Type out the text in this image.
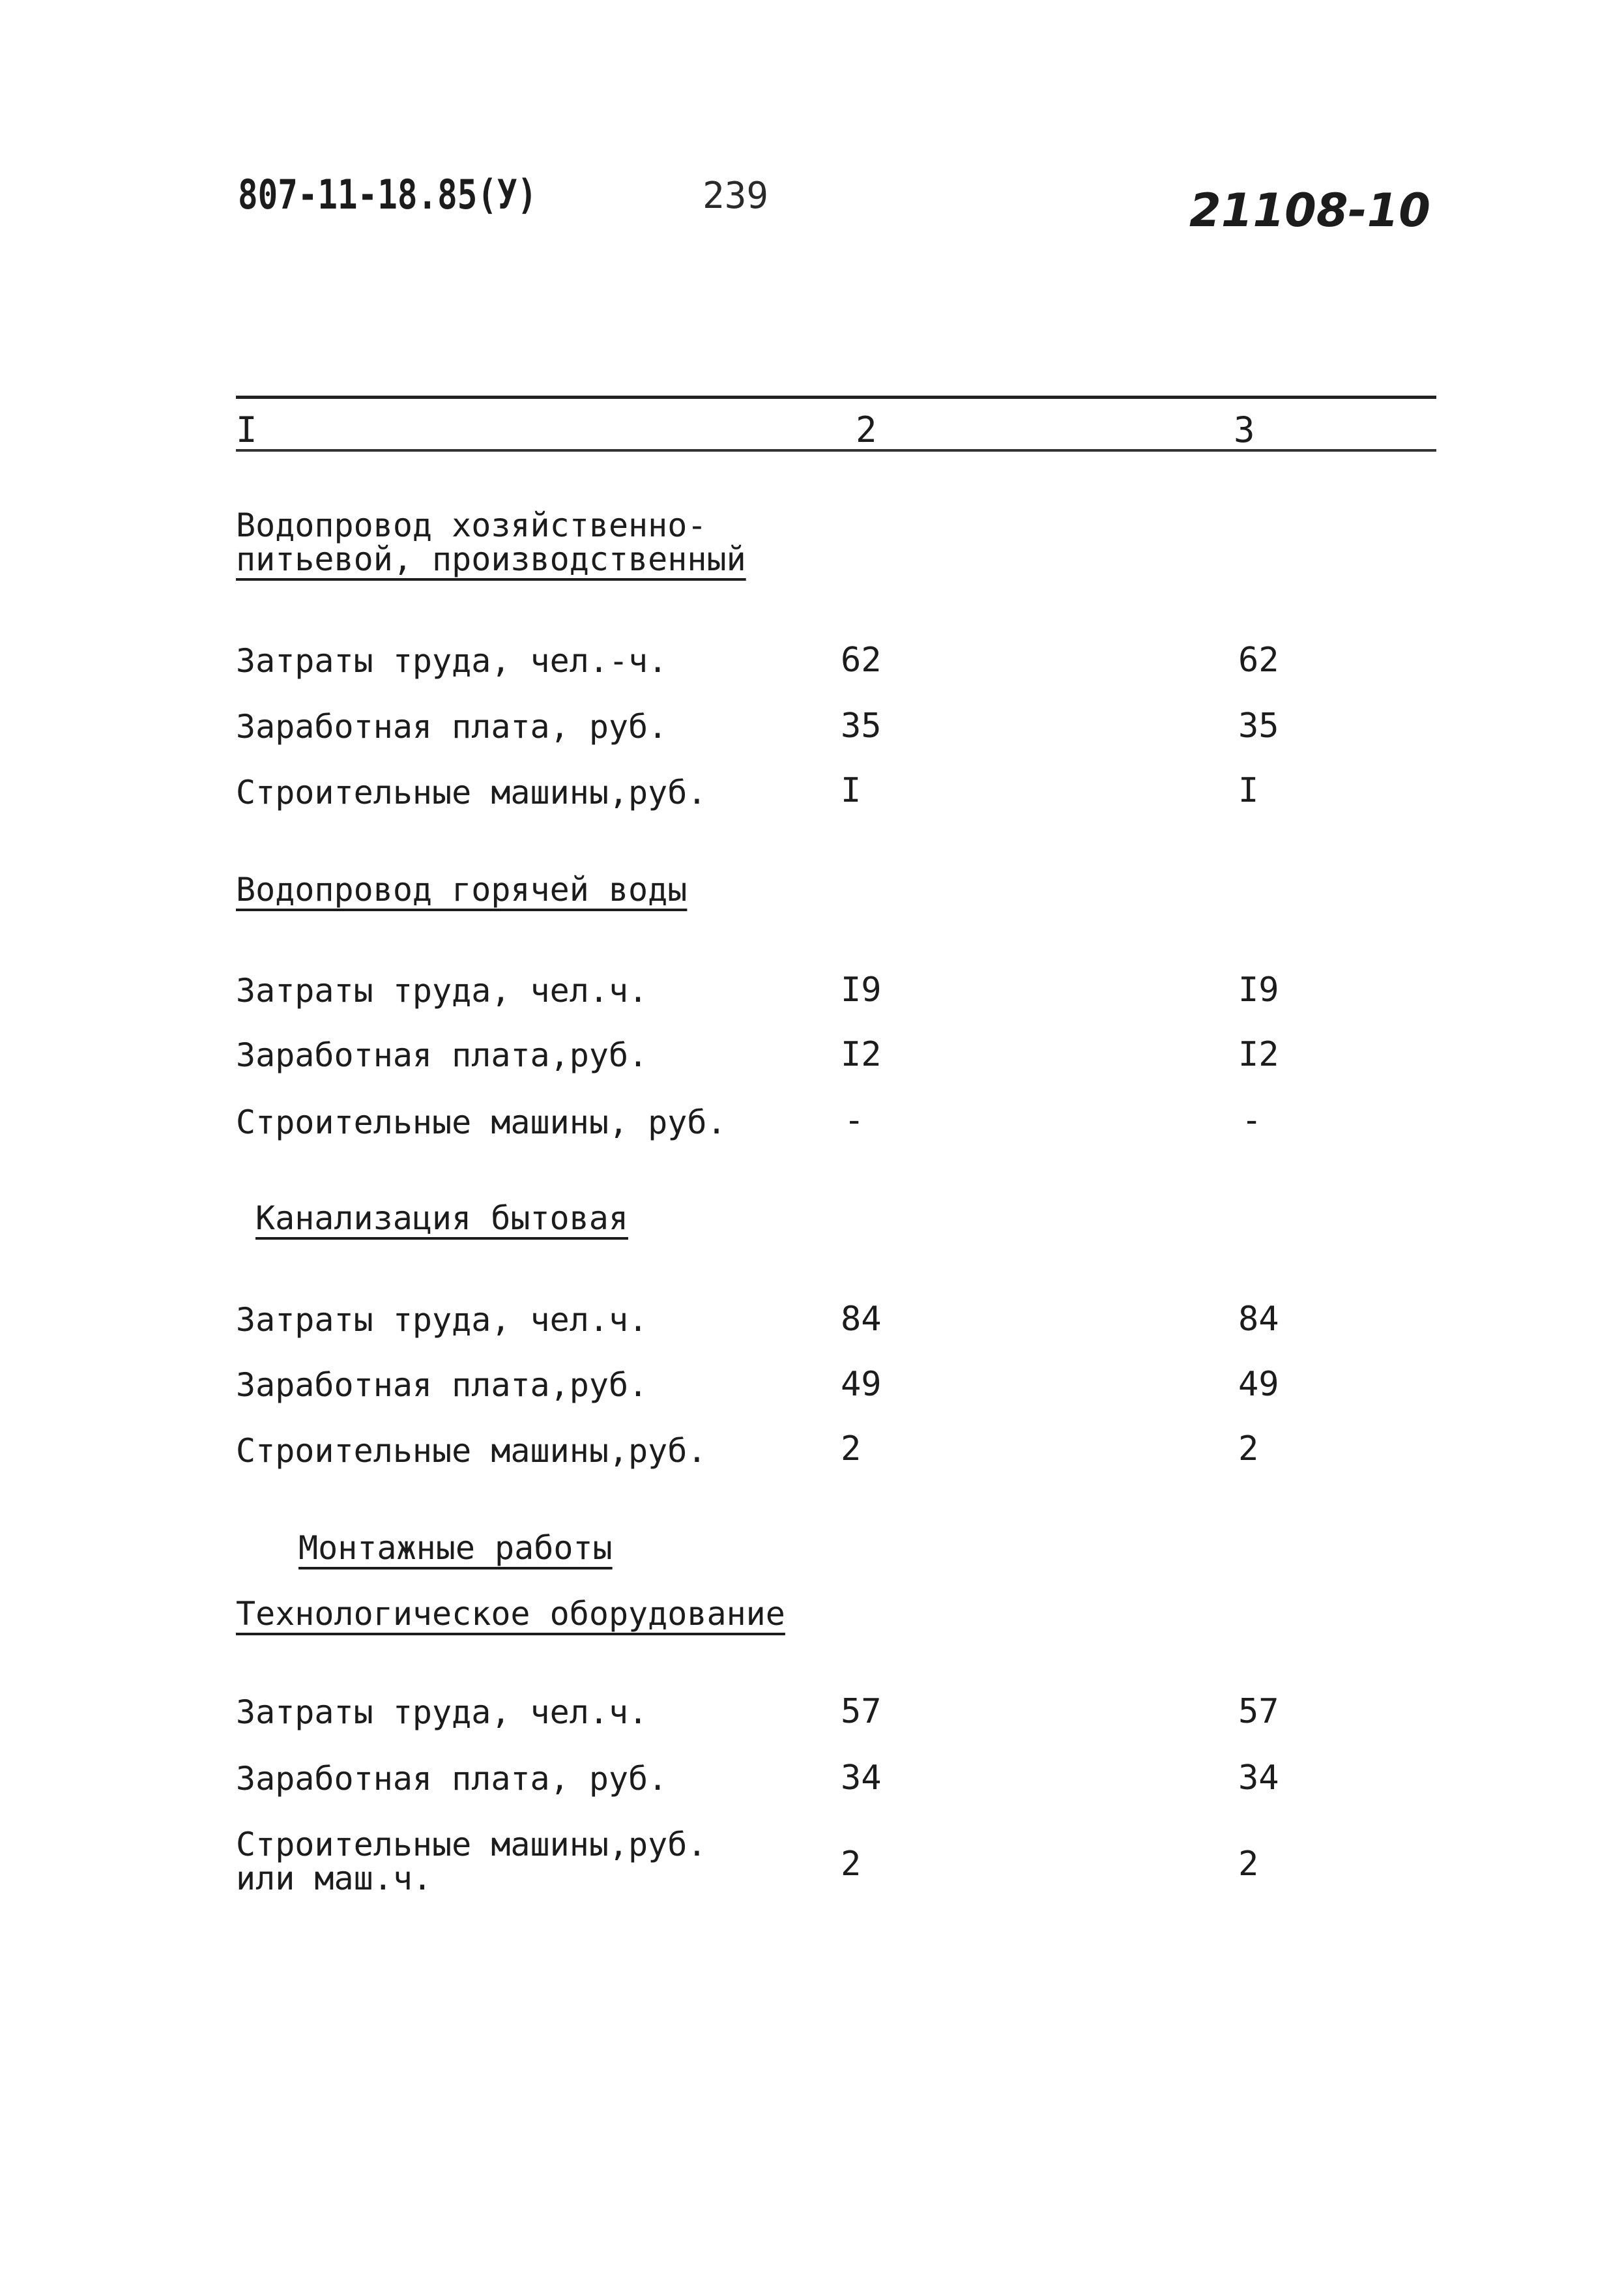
807-11-18.85(У)	239	21108-10
I	2	3
Водопровод хозяйственно-
питьевой, производственный
Затраты труда, чел.-ч.	62	62
Заработная плата, руб.	35	35
Строительные машины,руб.	I	I
Водопровод горячей воды
Затраты труда, чел.ч.	I9	I9
Заработная плата,руб.	I2	I2
Строительные машины, руб.	-	-
Канализация бытовая
Затраты труда, чел.ч.	84	84
Заработная плата,руб.	49	49
Строительные машины,руб.	2	2
Монтажные работы
Технологическое оборудование
Затраты труда, чел.ч.	57	57
Заработная плата, руб.	34	34
Строительные машины,руб.
или маш.ч.	2	2
